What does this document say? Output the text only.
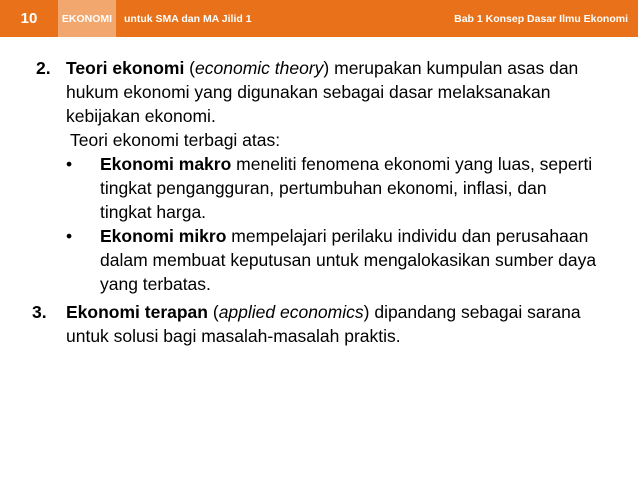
10	EKONOMI	untuk SMA dan MA Jilid 1	Bab 1 Konsep Dasar Ilmu Ekonomi
2. Teori ekonomi (economic theory) merupakan kumpulan asas dan hukum ekonomi yang digunakan sebagai dasar melaksanakan kebijakan ekonomi.
Teori ekonomi terbagi atas:
• Ekonomi makro meneliti fenomena ekonomi yang luas, seperti tingkat pengangguran, pertumbuhan ekonomi, inflasi, dan tingkat harga.
• Ekonomi mikro mempelajari perilaku individu dan perusahaan dalam membuat keputusan untuk mengalokasikan sumber daya yang terbatas.
3. Ekonomi terapan (applied economics) dipandang sebagai sarana untuk solusi bagi masalah-masalah praktis.
